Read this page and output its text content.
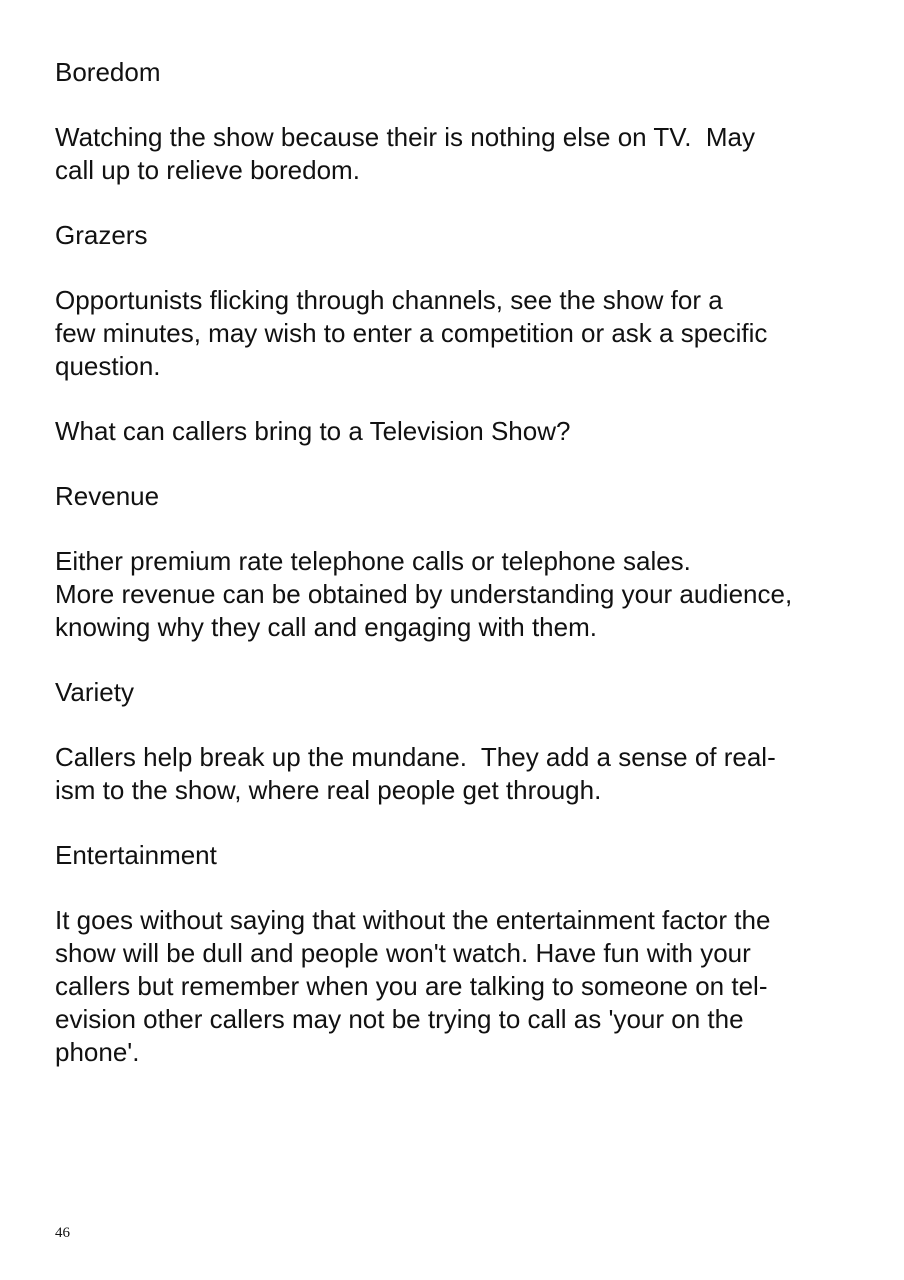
Boredom
Watching the show because their is nothing else on TV.  May
call up to relieve boredom.
Grazers
Opportunists flicking through channels, see the show for a
few minutes, may wish to enter a competition or ask a specific
question.
What can callers bring to a Television Show?
Revenue
Either premium rate telephone calls or telephone sales.
More revenue can be obtained by understanding your audience,
knowing why they call and engaging with them.
Variety
Callers help break up the mundane.  They add a sense of real-
ism to the show, where real people get through.
Entertainment
It goes without saying that without the entertainment factor the
show will be dull and people won't watch. Have fun with your
callers but remember when you are talking to someone on tel-
evision other callers may not be trying to call as 'your on the
phone'.
46
